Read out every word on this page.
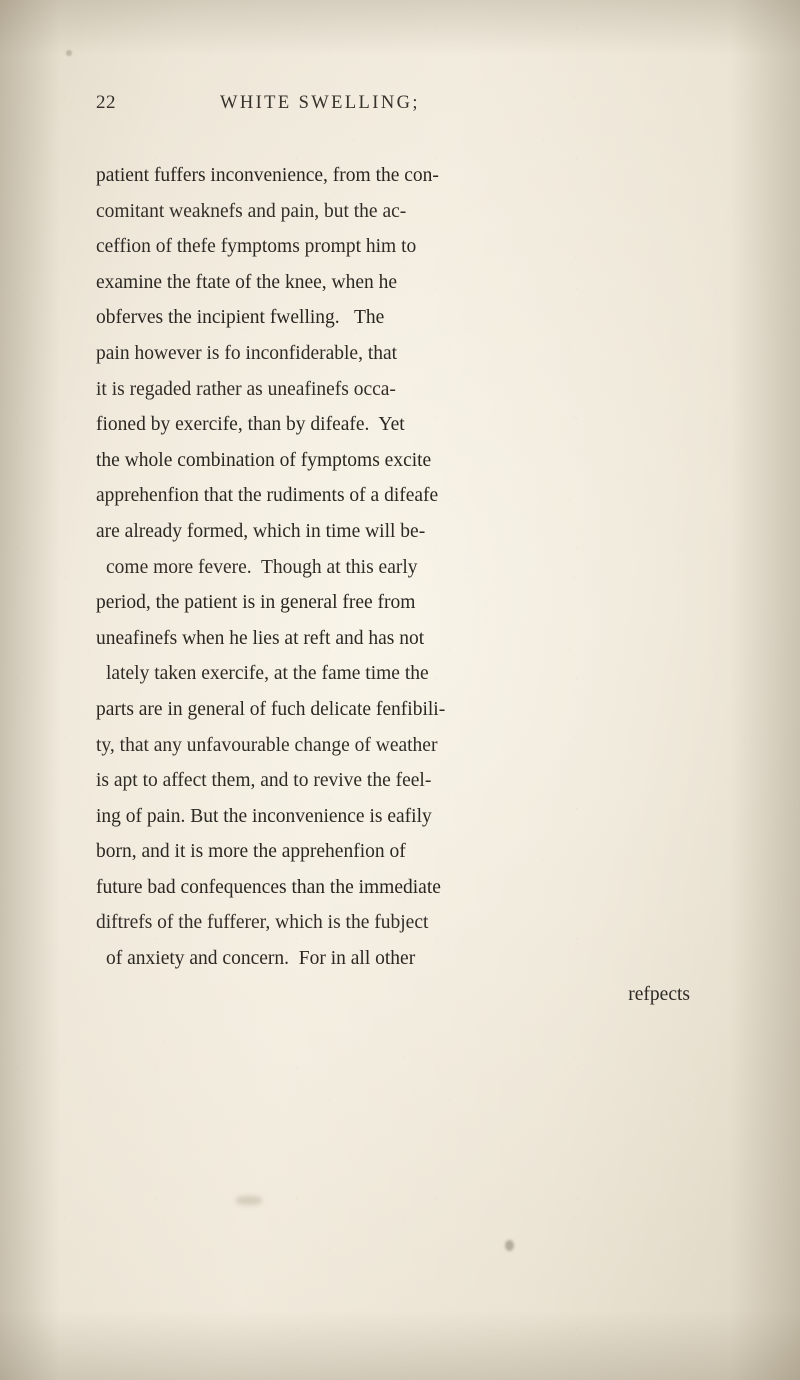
22	WHITE SWELLING;
patient fuffers inconvenience, from the con-
comitant weaknefs and pain, but the ac-
ceffion of thefe fymptoms prompt him to
examine the ftate of the knee, when he
obferves the incipient fwelling.   The
pain however is fo inconfiderable, that
it is regaded rather as uneafinefs occa-
fioned by exercife, than by difeafe.  Yet
the whole combination of fymptoms excite
apprehenfion that the rudiments of a difeafe
are already formed, which in time will be-
come more fevere.  Though at this early
period, the patient is in general free from
uneafinefs when he lies at reft and has not
lately taken exercife, at the fame time the
parts are in general of fuch delicate fenfibili-
ty, that any unfavourable change of weather
is apt to affect them, and to revive the feel-
ing of pain. But the inconvenience is eafily
born, and it is more the apprehenfion of
future bad confequences than the immediate
diftrefs of the fufferer, which is the fubject
of anxiety and concern.  For in all other
refpects
